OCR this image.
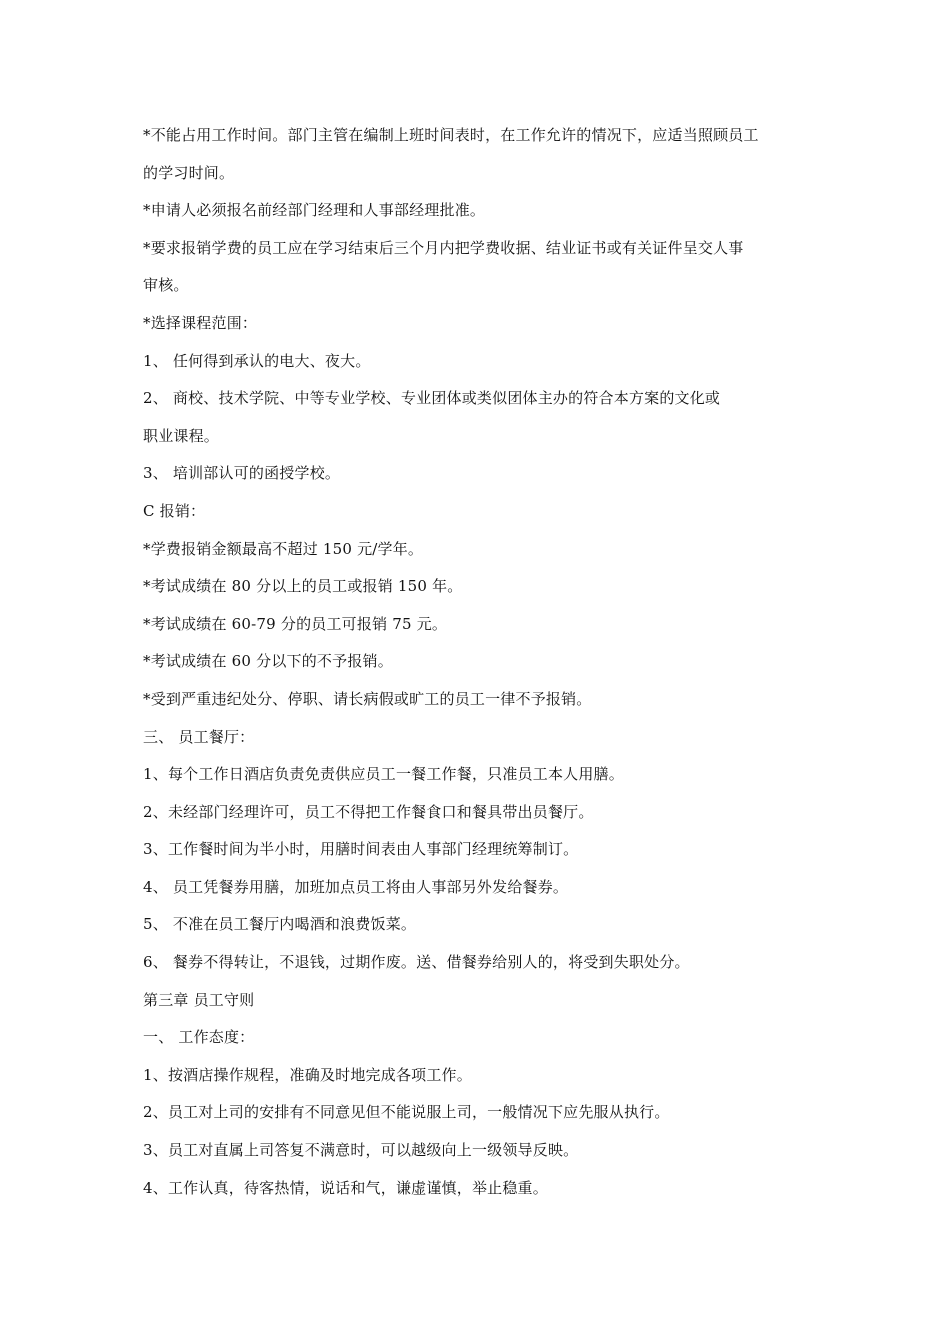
*不能占用工作时间。部门主管在编制上班时间表时，在工作允许的情况下，应适当照顾员工
的学习时间。
*申请人必须报名前经部门经理和人事部经理批准。
*要求报销学费的员工应在学习结束后三个月内把学费收据、结业证书或有关证件呈交人事
审核。
*选择课程范围：
1、 任何得到承认的电大、夜大。
2、 商校、技术学院、中等专业学校、专业团体或类似团体主办的符合本方案的文化或
职业课程。
3、 培训部认可的函授学校。
C 报销：
*学费报销金额最高不超过 150 元/学年。
*考试成绩在 80 分以上的员工或报销 150 年。
*考试成绩在 60-79 分的员工可报销 75 元。
*考试成绩在 60 分以下的不予报销。
*受到严重违纪处分、停职、请长病假或旷工的员工一律不予报销。
三、 员工餐厅：
1、每个工作日酒店负责免责供应员工一餐工作餐，只准员工本人用膳。
2、未经部门经理许可，员工不得把工作餐食口和餐具带出员餐厅。
3、工作餐时间为半小时，用膳时间表由人事部门经理统筹制订。
4、 员工凭餐券用膳，加班加点员工将由人事部另外发给餐券。
5、 不准在员工餐厅内喝酒和浪费饭菜。
6、 餐券不得转让，不退钱，过期作废。送、借餐券给别人的，将受到失职处分。
第三章 员工守则
一、 工作态度：
1、按酒店操作规程，准确及时地完成各项工作。
2、员工对上司的安排有不同意见但不能说服上司，一般情况下应先服从执行。
3、员工对直属上司答复不满意时，可以越级向上一级领导反映。
4、工作认真，待客热情，说话和气，谦虚谨慎，举止稳重。
